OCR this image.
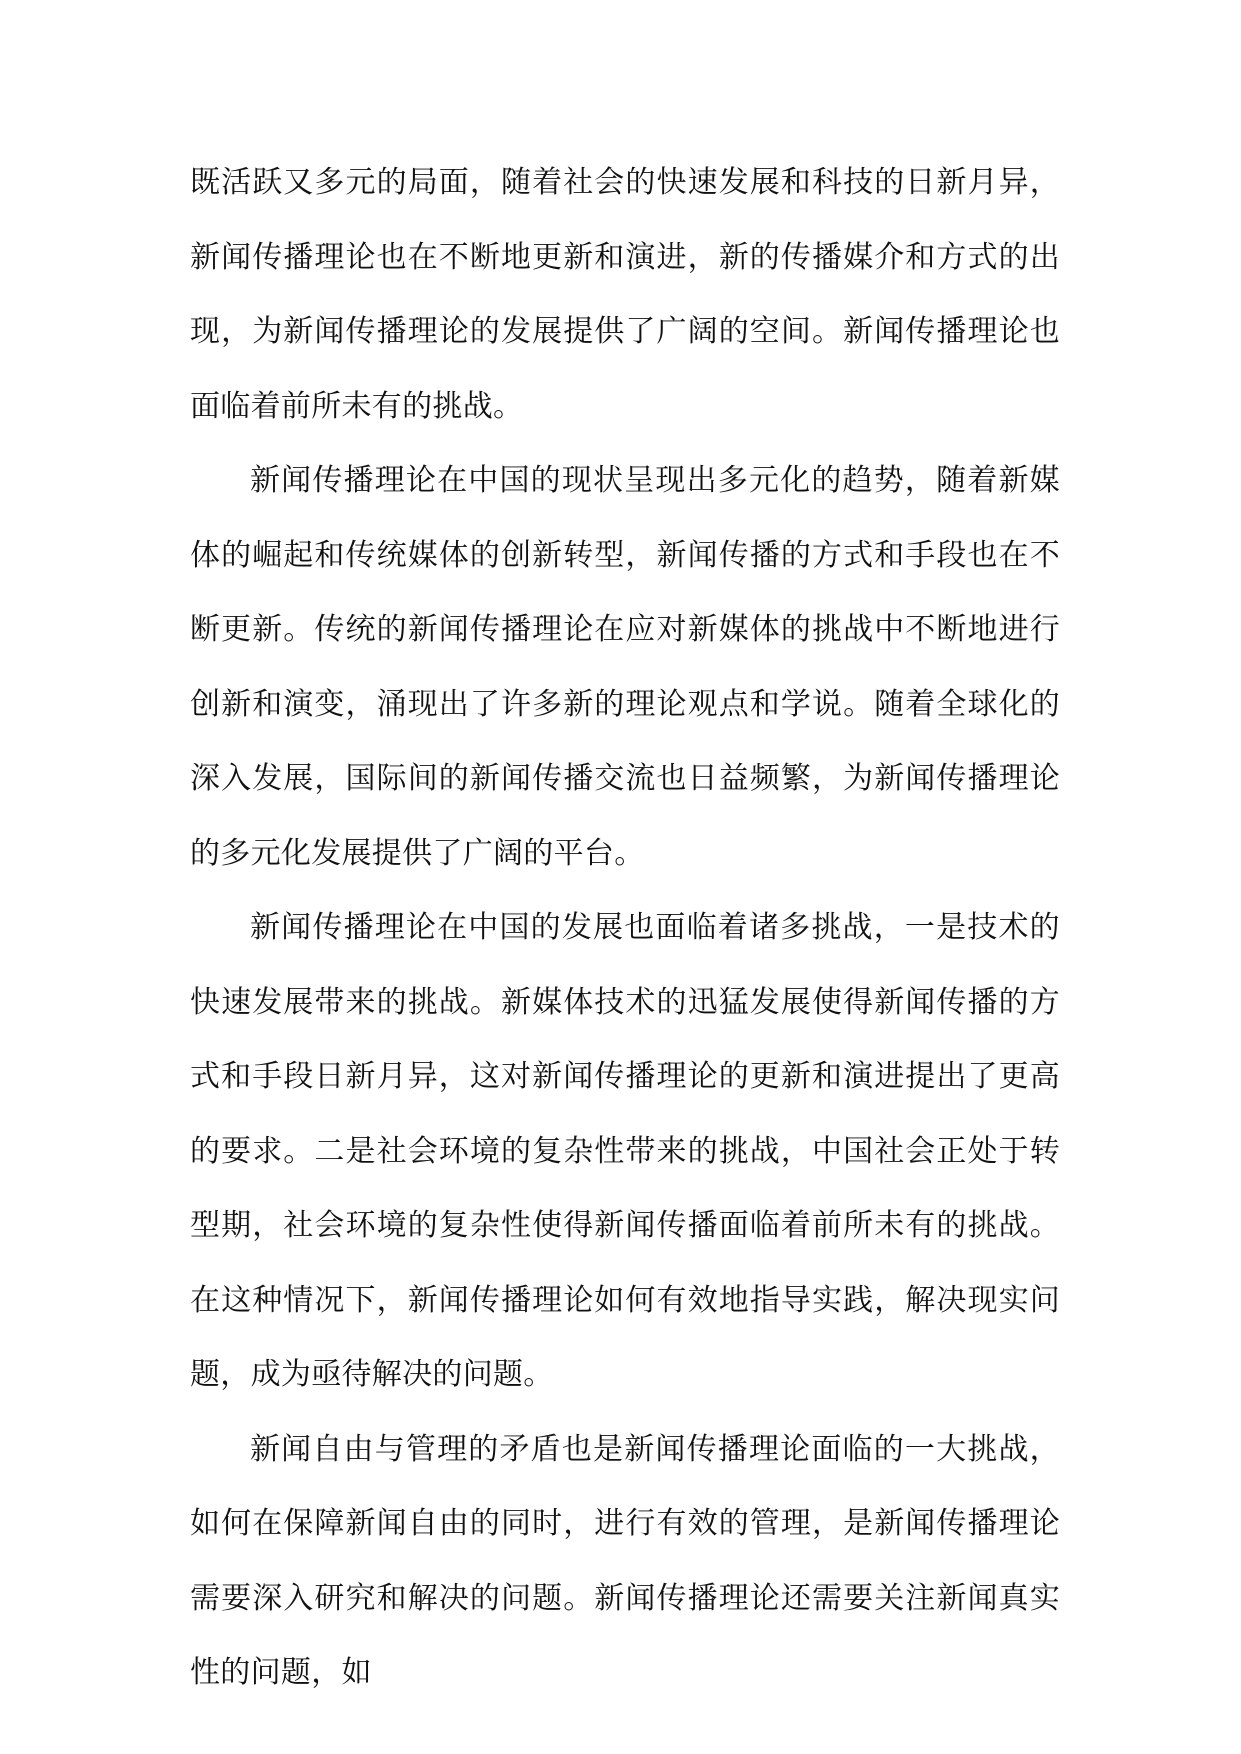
既活跃又多元的局面，随着社会的快速发展和科技的日新月异，新闻传播理论也在不断地更新和演进，新的传播媒介和方式的出现，为新闻传播理论的发展提供了广阔的空间。新闻传播理论也面临着前所未有的挑战。

新闻传播理论在中国的现状呈现出多元化的趋势，随着新媒体的崛起和传统媒体的创新转型，新闻传播的方式和手段也在不断更新。传统的新闻传播理论在应对新媒体的挑战中不断地进行创新和演变，涌现出了许多新的理论观点和学说。随着全球化的深入发展，国际间的新闻传播交流也日益频繁，为新闻传播理论的多元化发展提供了广阔的平台。

新闻传播理论在中国的发展也面临着诸多挑战，一是技术的快速发展带来的挑战。新媒体技术的迅猛发展使得新闻传播的方式和手段日新月异，这对新闻传播理论的更新和演进提出了更高的要求。二是社会环境的复杂性带来的挑战，中国社会正处于转型期，社会环境的复杂性使得新闻传播面临着前所未有的挑战。在这种情况下，新闻传播理论如何有效地指导实践，解决现实问题，成为亟待解决的问题。

新闻自由与管理的矛盾也是新闻传播理论面临的一大挑战，如何在保障新闻自由的同时，进行有效的管理，是新闻传播理论需要深入研究和解决的问题。新闻传播理论还需要关注新闻真实性的问题，如
